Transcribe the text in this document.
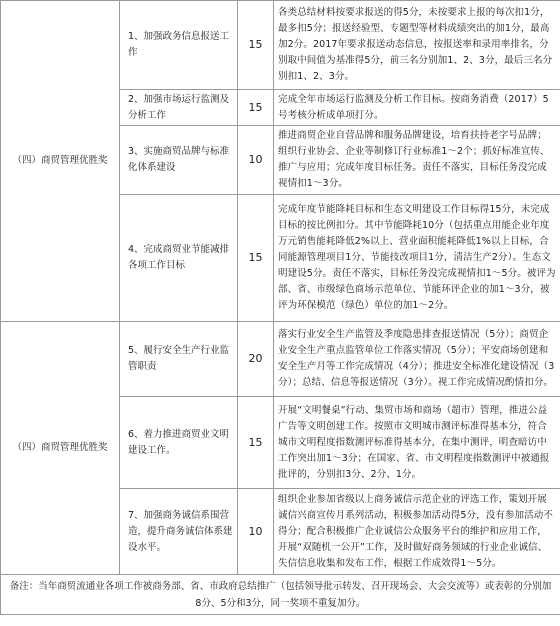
（四）商贸管理优胜奖	1、加强政务信息报送工作	15	各类总结材料按要求报送的得5分，未按要求上报的每次扣1分，最多扣5分；报送经验型、专题型等材料成绩突出的加1分，最高加2分。2017年要求报送动态信息，按报送率和录用率排名，分别取中间值为基准得5分，前三名分别加1、2、3分，最后三名分别扣1、2、3分。
	2、加强市场运行监测及分析工作	15	完成全年市场运行监测及分析工作目标。按商务消费（2017）5号考核分析成单项打分。
	3、实施商贸品牌与标准化体系建设	10	推进商贸企业自营品牌和服务品牌建设，培育扶持老字号品牌；组织行业协会、企业等制修订行业标准1～2个；抓好标准宣传、推广与应用；完成年度目标任务。责任不落实，目标任务没完成视情扣1～3分。
	4、完成商贸业节能减排各项工作目标	15	完成年度节能降耗目标和生态文明建设工作目标得15分，未完成目标的按比例扣分。其中节能降耗10分（包括重点用能企业年度万元销售能耗降低2%以上、营业面积能耗降低1%以上目标，合同能源管理项目1分、节能技改项目1分，清洁生产2分）。生态文明建设5分。责任不落实，目标任务没完成视情扣1～5分。被评为部、省、市级绿色商场示范单位、节能环评企业的加1～3分，被评为环保模范（绿色）单位的加1～2分。
（四）商贸管理优胜奖	5、履行安全生产行业监管职责	20	落实行业安全生产监管及季度隐患排查报送情况（5分）；商贸企业安全生产重点监管单位工作落实情况（5分）；平安商场创建和安全生产月等工作完成情况（4分）；推进安全标准化建设情况（3分）；总结、信息等报送情况（3分）。视工作完成情况酌情扣分。
	6、着力推进商贸业文明建设工作。	15	开展“文明餐桌”行动、集贸市场和商场（超市）管理，推进公益广告等文明创建工作。按照市文明城市测评标准得基本分，符合城市文明程度指数测评标准得基本分，在集中测评，明查暗访中工作突出加1～3分；在国家、省、市文明程度指数测评中被通报批评的，分别扣3分、2分、1分。
	7、加强商务诚信系围营造，提升商务诚信体系建设水平。	10	组织企业参加省级以上商务诚信示范企业的评选工作，策划开展诚信兴商宣传月系列活动，积极参加活动得5分，没有参加活动不得分；配合积极推广企业诚信公众服务平台的维护和应用工作，开展“双随机一公开”工作，及时做好商务领域的行业企业诚信、失信信息收集和发布工作，根据工作成效得1～5分。
备注：当年商贸流通业各项工作被商务部、省、市政府总结推广（包括领导批示转发、召开现场会、大会交流等）或表彰的分别加8分、5分和3分，同一奖项不重复加分。			
